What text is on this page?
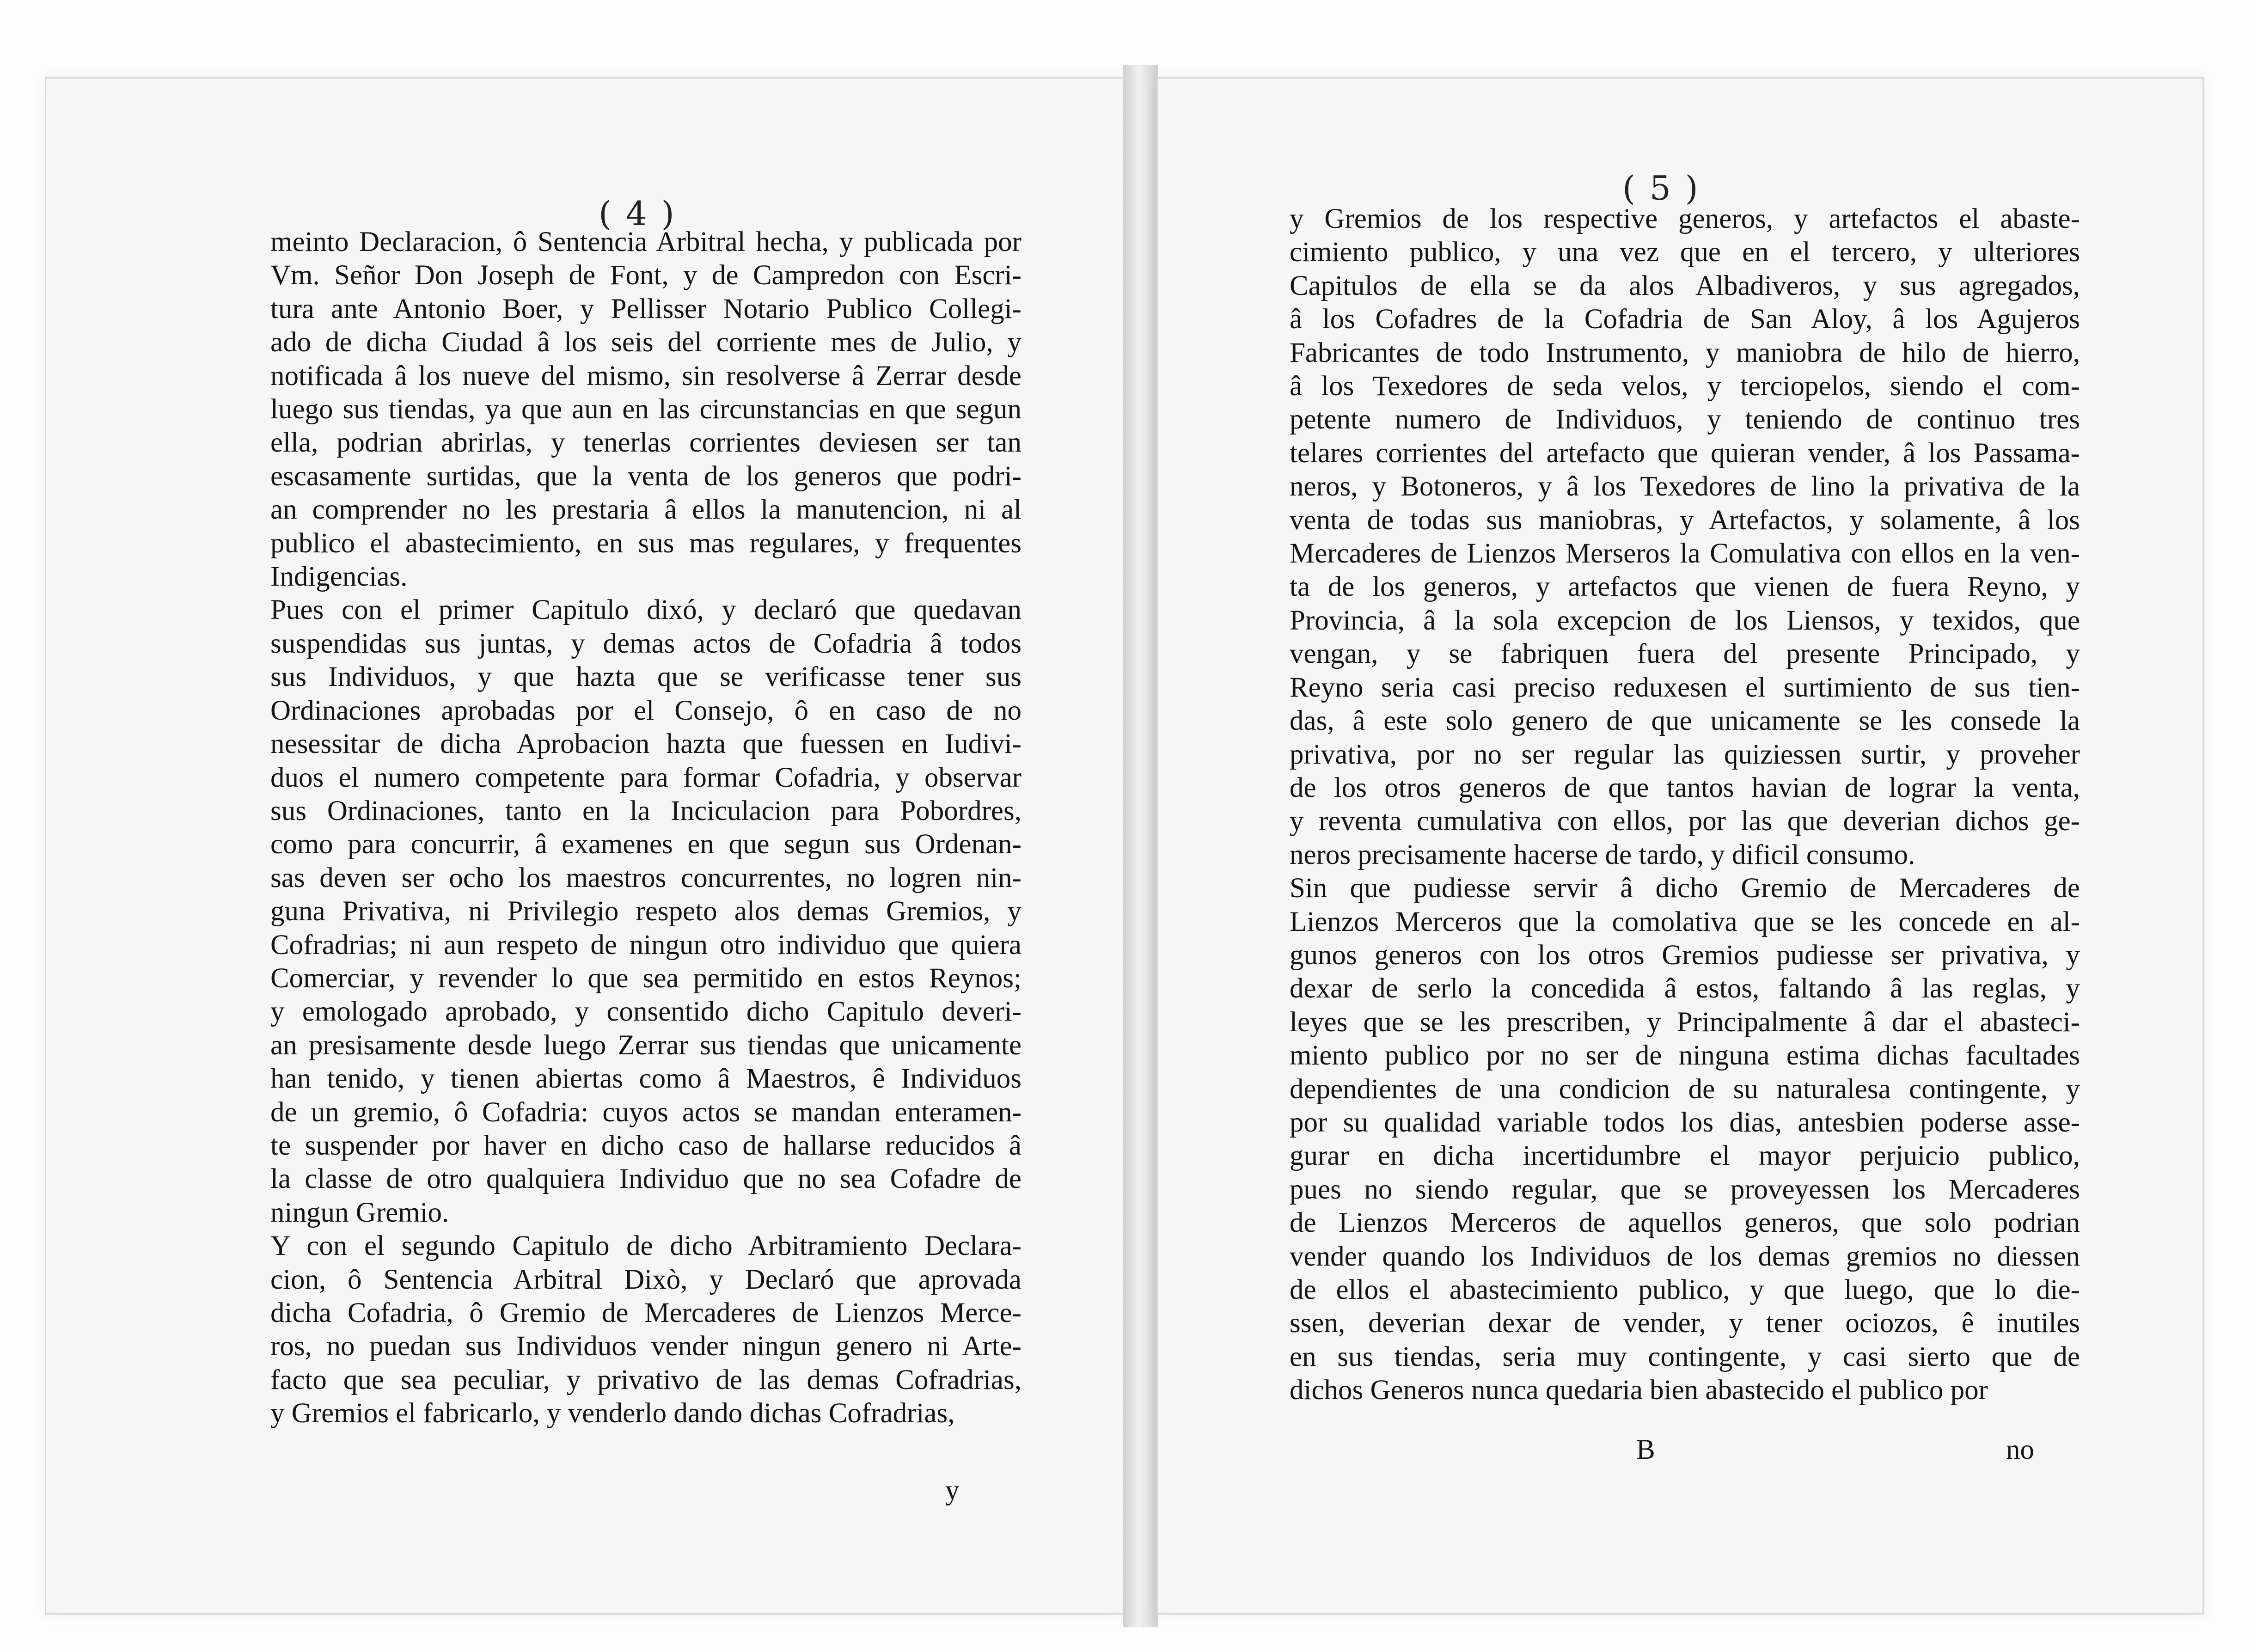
( 4 )
meinto Declaracion, ô Sentencia Arbitral hecha, y publicada por
Vm. Señor Don Joseph de Font, y de Campredon con Escri-
tura ante Antonio Boer, y Pellisser Notario Publico Collegi-
ado de dicha Ciudad â los seis del corriente mes de Julio, y
notificada â los nueve del mismo, sin resolverse â Zerrar desde
luego sus tiendas, ya que aun en las circunstancias en que segun
ella, podrian abrirlas, y tenerlas corrientes deviesen ser tan
escasamente surtidas, que la venta de los generos que podri-
an comprender no les prestaria â ellos la manutencion, ni al
publico el abastecimiento, en sus mas regulares, y frequentes
Indigencias.
Pues con el primer Capitulo dixó, y declaró que quedavan
suspendidas sus juntas, y demas actos de Cofadria â todos
sus Individuos, y que hazta que se verificasse tener sus
Ordinaciones aprobadas por el Consejo, ô en caso de no
nesessitar de dicha Aprobacion hazta que fuessen en Iudivi-
duos el numero competente para formar Cofadria, y observar
sus Ordinaciones, tanto en la Inciculacion para Pobordres,
como para concurrir, â examenes en que segun sus Ordenan-
sas deven ser ocho los maestros concurrentes, no logren nin-
guna Privativa, ni Privilegio respeto alos demas Gremios, y
Cofradrias; ni aun respeto de ningun otro individuo que quiera
Comerciar, y revender lo que sea permitido en estos Reynos;
y emologado aprobado, y consentido dicho Capitulo deveri-
an presisamente desde luego Zerrar sus tiendas que unicamente
han tenido, y tienen abiertas como â Maestros, ê Individuos
de un gremio, ô Cofadria: cuyos actos se mandan enteramen-
te suspender por haver en dicho caso de hallarse reducidos â
la classe de otro qualquiera Individuo que no sea Cofadre de
ningun Gremio.
Y con el segundo Capitulo de dicho Arbitramiento Declara-
cion, ô Sentencia Arbitral Dixò, y Declaró que aprovada
dicha Cofadria, ô Gremio de Mercaderes de Lienzos Merce-
ros, no puedan sus Individuos vender ningun genero ni Arte-
facto que sea peculiar, y privativo de las demas Cofradrias,
y Gremios el fabricarlo, y venderlo dando dichas Cofradrias,
y
( 5 )
y Gremios de los respective generos, y artefactos el abaste-
cimiento publico, y una vez que en el tercero, y ulteriores
Capitulos de ella se da alos Albadiveros, y sus agregados,
â los Cofadres de la Cofadria de San Aloy, â los Agujeros
Fabricantes de todo Instrumento, y maniobra de hilo de hierro,
â los Texedores de seda velos, y terciopelos, siendo el com-
petente numero de Individuos, y teniendo de continuo tres
telares corrientes del artefacto que quieran vender, â los Passama-
neros, y Botoneros, y â los Texedores de lino la privativa de la
venta de todas sus maniobras, y Artefactos, y solamente, â los
Mercaderes de Lienzos Merseros la Comulativa con ellos en la ven-
ta de los generos, y artefactos que vienen de fuera Reyno, y
Provincia, â la sola excepcion de los Liensos, y texidos, que
vengan, y se fabriquen fuera del presente Principado, y
Reyno seria casi preciso reduxesen el surtimiento de sus tien-
das, â este solo genero de que unicamente se les consede la
privativa, por no ser regular las quiziessen surtir, y proveher
de los otros generos de que tantos havian de lograr la venta,
y reventa cumulativa con ellos, por las que deverian dichos ge-
neros precisamente hacerse de tardo, y dificil consumo.
Sin que pudiesse servir â dicho Gremio de Mercaderes de
Lienzos Merceros que la comolativa que se les concede en al-
gunos generos con los otros Gremios pudiesse ser privativa, y
dexar de serlo la concedida â estos, faltando â las reglas, y
leyes que se les prescriben, y Principalmente â dar el abasteci-
miento publico por no ser de ninguna estima dichas facultades
dependientes de una condicion de su naturalesa contingente, y
por su qualidad variable todos los dias, antesbien poderse asse-
gurar en dicha incertidumbre el mayor perjuicio publico,
pues no siendo regular, que se proveyessen los Mercaderes
de Lienzos Merceros de aquellos generos, que solo podrian
vender quando los Individuos de los demas gremios no diessen
de ellos el abastecimiento publico, y que luego, que lo die-
ssen, deverian dexar de vender, y tener ociozos, ê inutiles
en sus tiendas, seria muy contingente, y casi sierto que de
dichos Generos nunca quedaria bien abastecido el publico por
B	no
